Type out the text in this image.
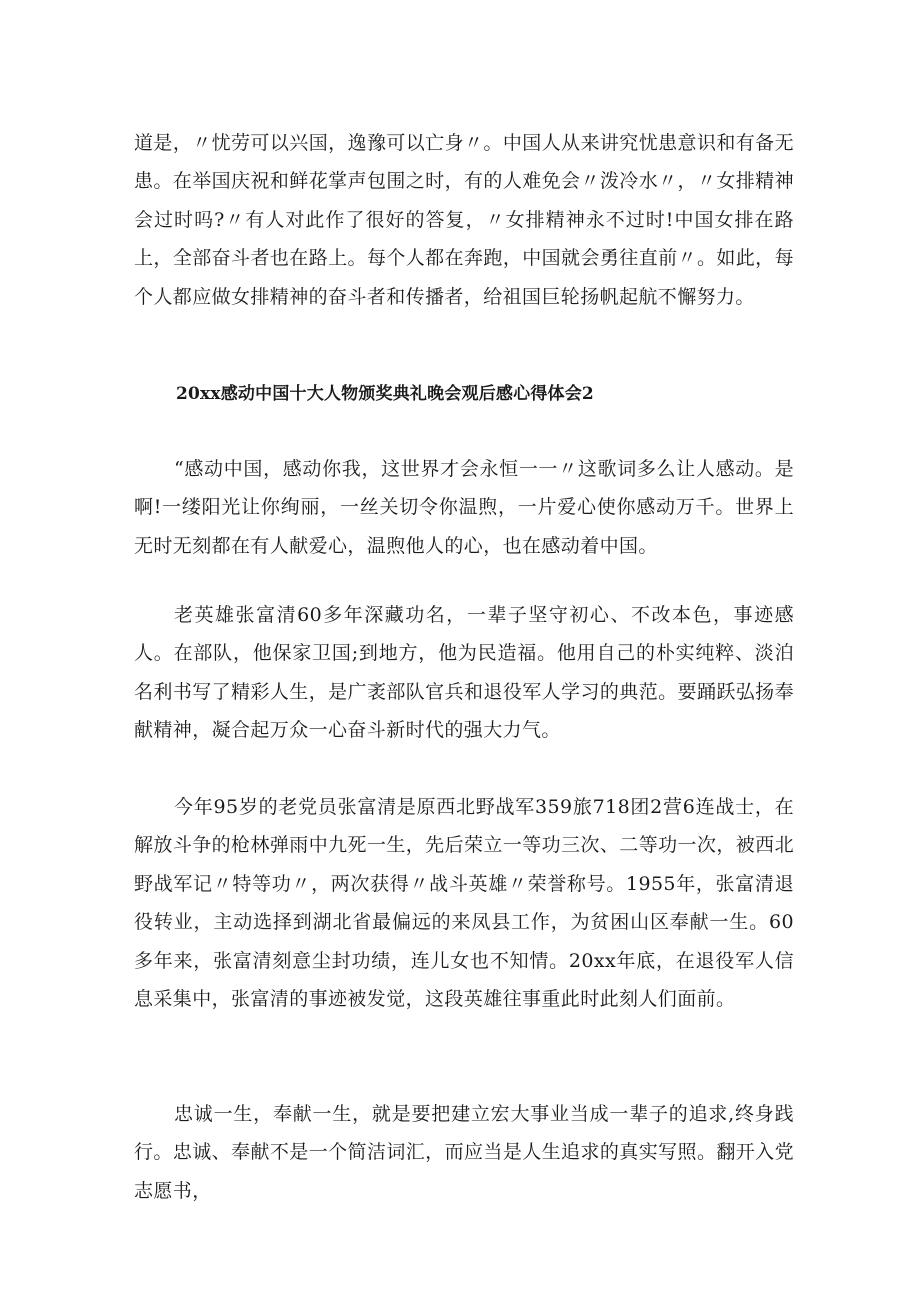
道是，〃忧劳可以兴国，逸豫可以亡身〃。中国人从来讲究忧患意识和有备无患。在举国庆祝和鲜花掌声包围之时，有的人难免会〃泼冷水〃，〃女排精神会过时吗?〃有人对此作了很好的答复，〃女排精神永不过时!中国女排在路上，全部奋斗者也在路上。每个人都在奔跑，中国就会勇往直前〃。如此，每个人都应做女排精神的奋斗者和传播者，给祖国巨轮扬帆起航不懈努力。

20xx感动中国十大人物颁奖典礼晚会观后感心得体会2

“感动中国，感动你我，这世界才会永恒一一〃这歌词多么让人感动。是啊!一缕阳光让你绚丽，一丝关切令你温煦，一片爱心使你感动万千。世界上无时无刻都在有人献爱心，温煦他人的心，也在感动着中国。

老英雄张富清60多年深藏功名，一辈子坚守初心、不改本色，事迹感人。在部队，他保家卫国;到地方，他为民造福。他用自己的朴实纯粹、淡泊名利书写了精彩人生，是广袤部队官兵和退役军人学习的典范。要踊跃弘扬奉献精神，凝合起万众一心奋斗新时代的强大力气。

今年95岁的老党员张富清是原西北野战军359旅718团2营6连战士，在解放斗争的枪林弹雨中九死一生，先后荣立一等功三次、二等功一次，被西北野战军记〃特等功〃，两次获得〃战斗英雄〃荣誉称号。1955年，张富清退役转业，主动选择到湖北省最偏远的来凤县工作，为贫困山区奉献一生。60多年来，张富清刻意尘封功绩，连儿女也不知情。20xx年底，在退役军人信息采集中，张富清的事迹被发觉，这段英雄往事重此时此刻人们面前。

忠诚一生，奉献一生，就是要把建立宏大事业当成一辈子的追求,终身践行。忠诚、奉献不是一个简洁词汇，而应当是人生追求的真实写照。翻开入党志愿书，
